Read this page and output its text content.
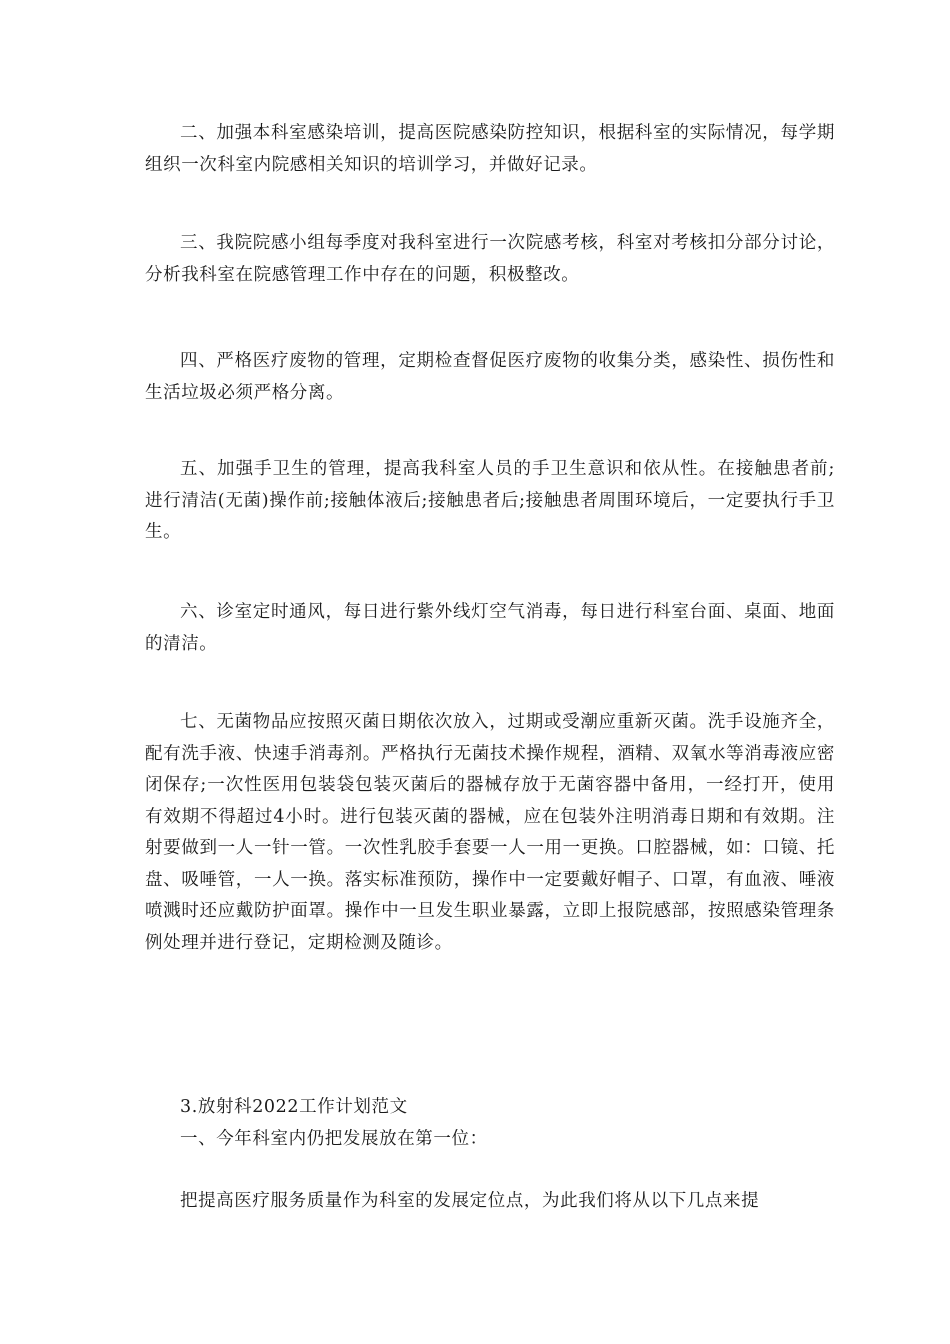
二、加强本科室感染培训，提高医院感染防控知识，根据科室的实际情况，每学期组织一次科室内院感相关知识的培训学习，并做好记录。

三、我院院感小组每季度对我科室进行一次院感考核，科室对考核扣分部分讨论，分析我科室在院感管理工作中存在的问题，积极整改。

四、严格医疗废物的管理，定期检查督促医疗废物的收集分类，感染性、损伤性和生活垃圾必须严格分离。

五、加强手卫生的管理，提高我科室人员的手卫生意识和依从性。在接触患者前;进行清洁(无菌)操作前;接触体液后;接触患者后;接触患者周围环境后，一定要执行手卫生。

六、诊室定时通风，每日进行紫外线灯空气消毒，每日进行科室台面、桌面、地面的清洁。

七、无菌物品应按照灭菌日期依次放入，过期或受潮应重新灭菌。洗手设施齐全，配有洗手液、快速手消毒剂。严格执行无菌技术操作规程，酒精、双氧水等消毒液应密闭保存;一次性医用包装袋包装灭菌后的器械存放于无菌容器中备用，一经打开，使用有效期不得超过4小时。进行包装灭菌的器械，应在包装外注明消毒日期和有效期。注射要做到一人一针一管。一次性乳胶手套要一人一用一更换。口腔器械，如：口镜、托盘、吸唾管，一人一换。落实标准预防，操作中一定要戴好帽子、口罩，有血液、唾液喷溅时还应戴防护面罩。操作中一旦发生职业暴露，立即上报院感部，按照感染管理条例处理并进行登记，定期检测及随诊。

3.放射科2022工作计划范文

一、今年科室内仍把发展放在第一位：

把提高医疗服务质量作为科室的发展定位点，为此我们将从以下几点来提
